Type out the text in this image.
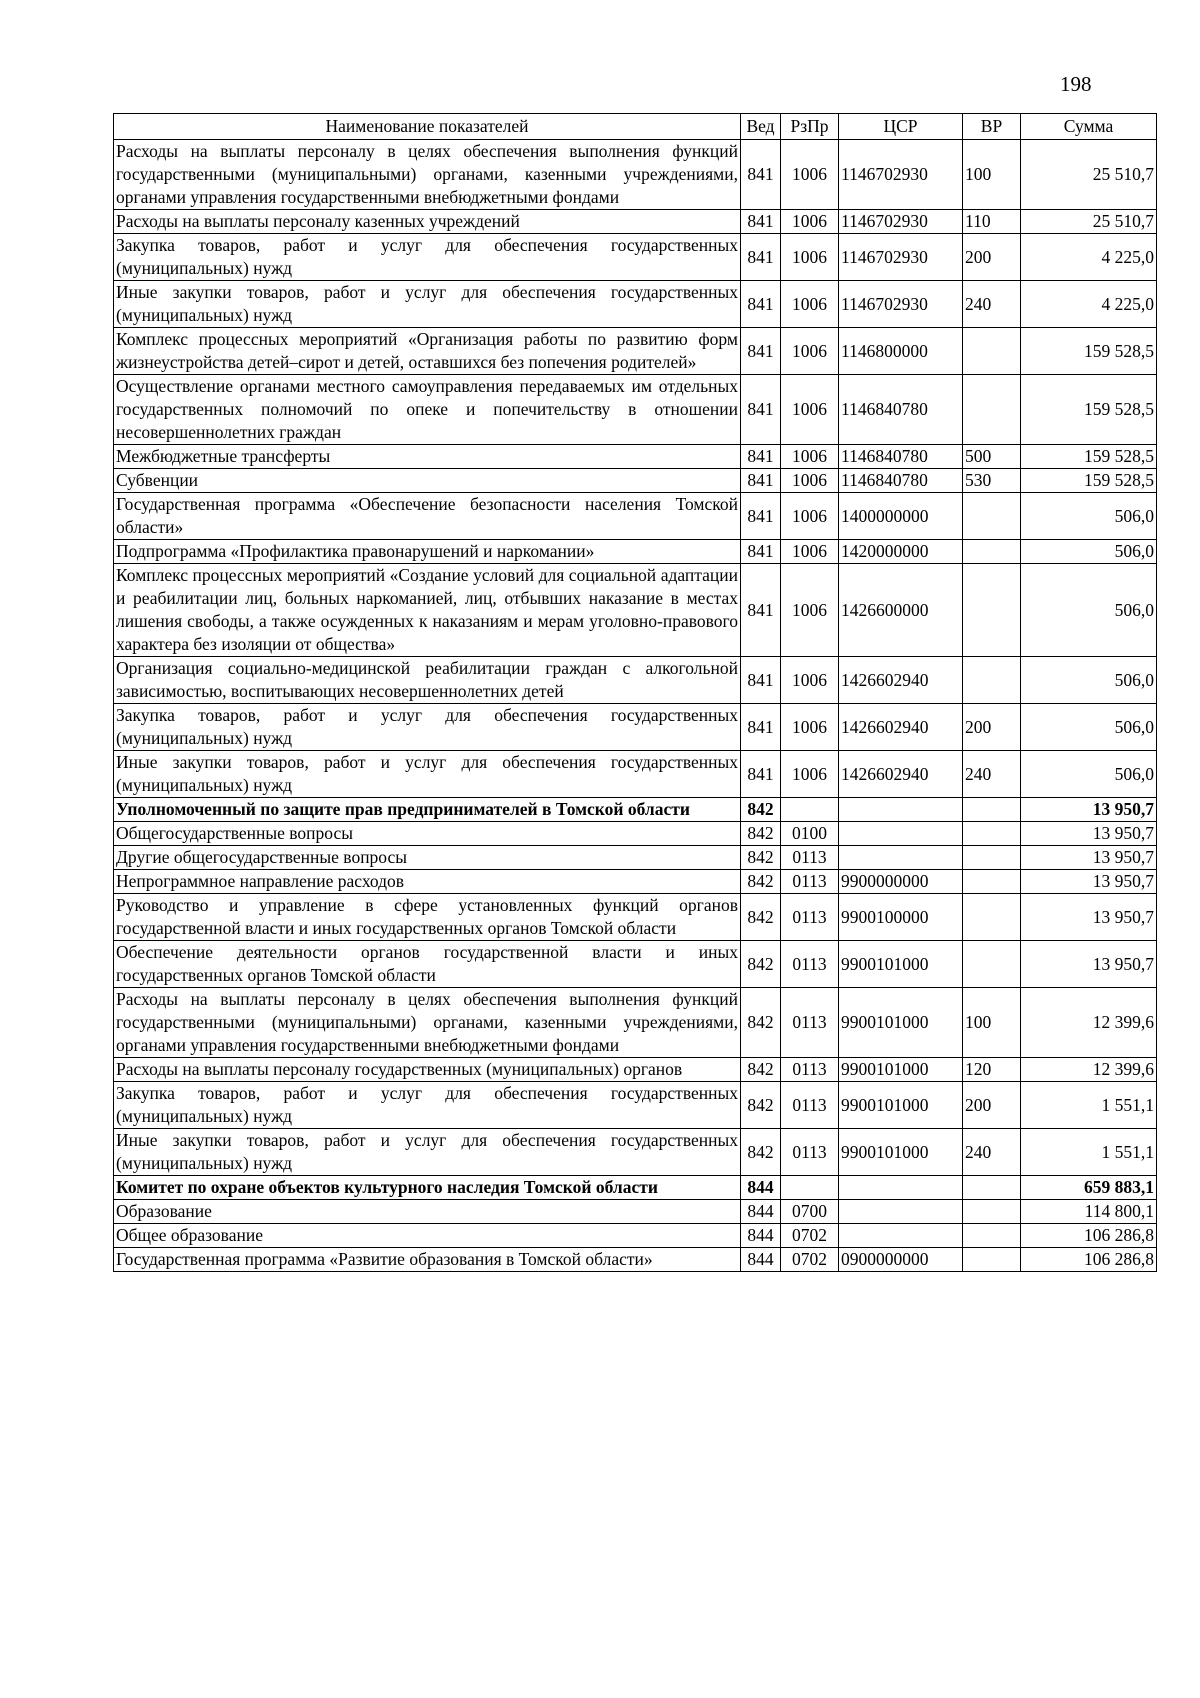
198
Наименование показателей	Вед	РзПр	ЦСР	ВР	Сумма
Расходы на выплаты персоналу в целях обеспечения выполнения функций государственными (муниципальными) органами, казенными учреждениями, органами управления государственными внебюджетными фондами	841	1006	1146702930	100	25 510,7
Расходы на выплаты персоналу казенных учреждений	841	1006	1146702930	110	25 510,7
Закупка товаров, работ и услуг для обеспечения государственных (муниципальных) нужд	841	1006	1146702930	200	4 225,0
Иные закупки товаров, работ и услуг для обеспечения государственных (муниципальных) нужд	841	1006	1146702930	240	4 225,0
Комплекс процессных мероприятий «Организация работы по развитию форм жизнеустройства детей–сирот и детей, оставшихся без попечения родителей»	841	1006	1146800000		159 528,5
Осуществление органами местного самоуправления передаваемых им отдельных государственных полномочий по опеке и попечительству в отношении несовершеннолетних граждан	841	1006	1146840780		159 528,5
Межбюджетные трансферты	841	1006	1146840780	500	159 528,5
Субвенции	841	1006	1146840780	530	159 528,5
Государственная программа «Обеспечение безопасности населения Томской области»	841	1006	1400000000		506,0
Подпрограмма «Профилактика правонарушений и наркомании»	841	1006	1420000000		506,0
Комплекс процессных мероприятий «Создание условий для социальной адаптации и реабилитации лиц, больных наркоманией, лиц, отбывших наказание в местах лишения свободы, а также осужденных к наказаниям и мерам уголовно-правового характера без изоляции от общества»	841	1006	1426600000		506,0
Организация социально-медицинской реабилитации граждан с алкогольной зависимостью, воспитывающих несовершеннолетних детей	841	1006	1426602940		506,0
Закупка товаров, работ и услуг для обеспечения государственных (муниципальных) нужд	841	1006	1426602940	200	506,0
Иные закупки товаров, работ и услуг для обеспечения государственных (муниципальных) нужд	841	1006	1426602940	240	506,0
Уполномоченный по защите прав предпринимателей в Томской области	842				13 950,7
Общегосударственные вопросы	842	0100			13 950,7
Другие общегосударственные вопросы	842	0113			13 950,7
Непрограммное направление расходов	842	0113	9900000000		13 950,7
Руководство и управление в сфере установленных функций органов государственной власти и иных государственных органов Томской области	842	0113	9900100000		13 950,7
Обеспечение деятельности органов государственной власти и иных государственных органов Томской области	842	0113	9900101000		13 950,7
Расходы на выплаты персоналу в целях обеспечения выполнения функций государственными (муниципальными) органами, казенными учреждениями, органами управления государственными внебюджетными фондами	842	0113	9900101000	100	12 399,6
Расходы на выплаты персоналу государственных (муниципальных) органов	842	0113	9900101000	120	12 399,6
Закупка товаров, работ и услуг для обеспечения государственных (муниципальных) нужд	842	0113	9900101000	200	1 551,1
Иные закупки товаров, работ и услуг для обеспечения государственных (муниципальных) нужд	842	0113	9900101000	240	1 551,1
Комитет по охране объектов культурного наследия Томской области	844				659 883,1
Образование	844	0700			114 800,1
Общее образование	844	0702			106 286,8
Государственная программа «Развитие образования в Томской области»	844	0702	0900000000		106 286,8
